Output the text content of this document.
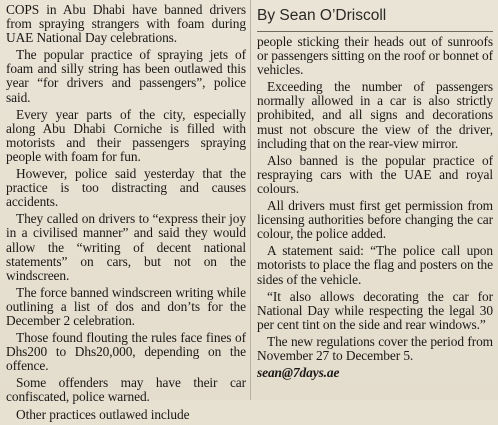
COPS in Abu Dhabi have banned drivers from spraying strangers with foam during UAE National Day celebrations.

The popular practice of spraying jets of foam and silly string has been outlawed this year “for drivers and passengers”, police said.

Every year parts of the city, especially along Abu Dhabi Corniche is filled with motorists and their passengers spraying people with foam for fun.

However, police said yesterday that the practice is too distracting and causes accidents.

They called on drivers to “express their joy in a civilised manner” and said they would allow the “writing of decent national statements” on cars, but not on the windscreen.

The force banned windscreen writing while outlining a list of dos and don’ts for the December 2 celebration.

Those found flouting the rules face fines of Dhs200 to Dhs20,000, depending on the offence.

Some offenders may have their car confiscated, police warned.

Other practices outlawed include

By Sean O’Driscoll

people sticking their heads out of sunroofs or passengers sitting on the roof or bonnet of vehicles.

Exceeding the number of passengers normally allowed in a car is also strictly prohibited, and all signs and decorations must not obscure the view of the driver, including that on the rear-view mirror.

Also banned is the popular practice of respraying cars with the UAE and royal colours.

All drivers must first get permission from licensing authorities before changing the car colour, the police added.

A statement said: “The police call upon motorists to place the flag and posters on the sides of the vehicle.

“It also allows decorating the car for National Day while respecting the legal 30 per cent tint on the side and rear windows.”

The new regulations cover the period from November 27 to December 5.

sean@7days.ae
